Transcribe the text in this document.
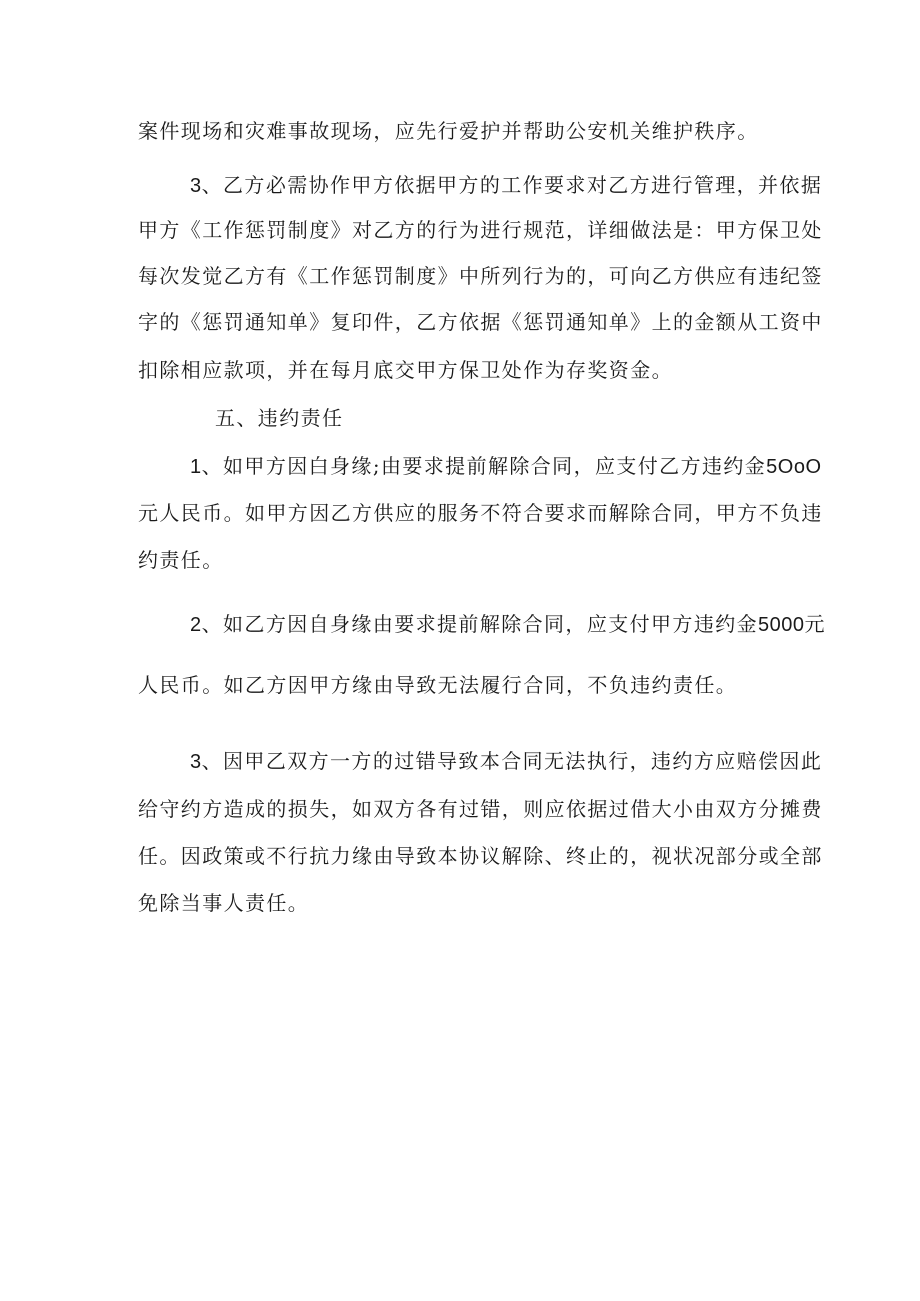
案件现场和灾难事故现场，应先行爱护并帮助公安机关维护秩序。
3、乙方必需协作甲方依据甲方的工作要求对乙方进行管理，并依据
甲方《工作惩罚制度》对乙方的行为进行规范，详细做法是：甲方保卫处
每次发觉乙方有《工作惩罚制度》中所列行为的，可向乙方供应有违纪签
字的《惩罚通知单》复印件，乙方依据《惩罚通知单》上的金额从工资中
扣除相应款项，并在每月底交甲方保卫处作为存奖资金。
五、违约责任
1、如甲方因白身缘;由要求提前解除合同，应支付乙方违约金5OoO
元人民币。如甲方因乙方供应的服务不符合要求而解除合同，甲方不负违
约责任。
2、如乙方因自身缘由要求提前解除合同，应支付甲方违约金5000元
人民币。如乙方因甲方缘由导致无法履行合同，不负违约责任。
3、因甲乙双方一方的过错导致本合同无法执行，违约方应赔偿因此
给守约方造成的损失，如双方各有过错，则应依据过借大小由双方分摊费
任。因政策或不行抗力缘由导致本协议解除、终止的，视状况部分或全部
免除当事人责任。
